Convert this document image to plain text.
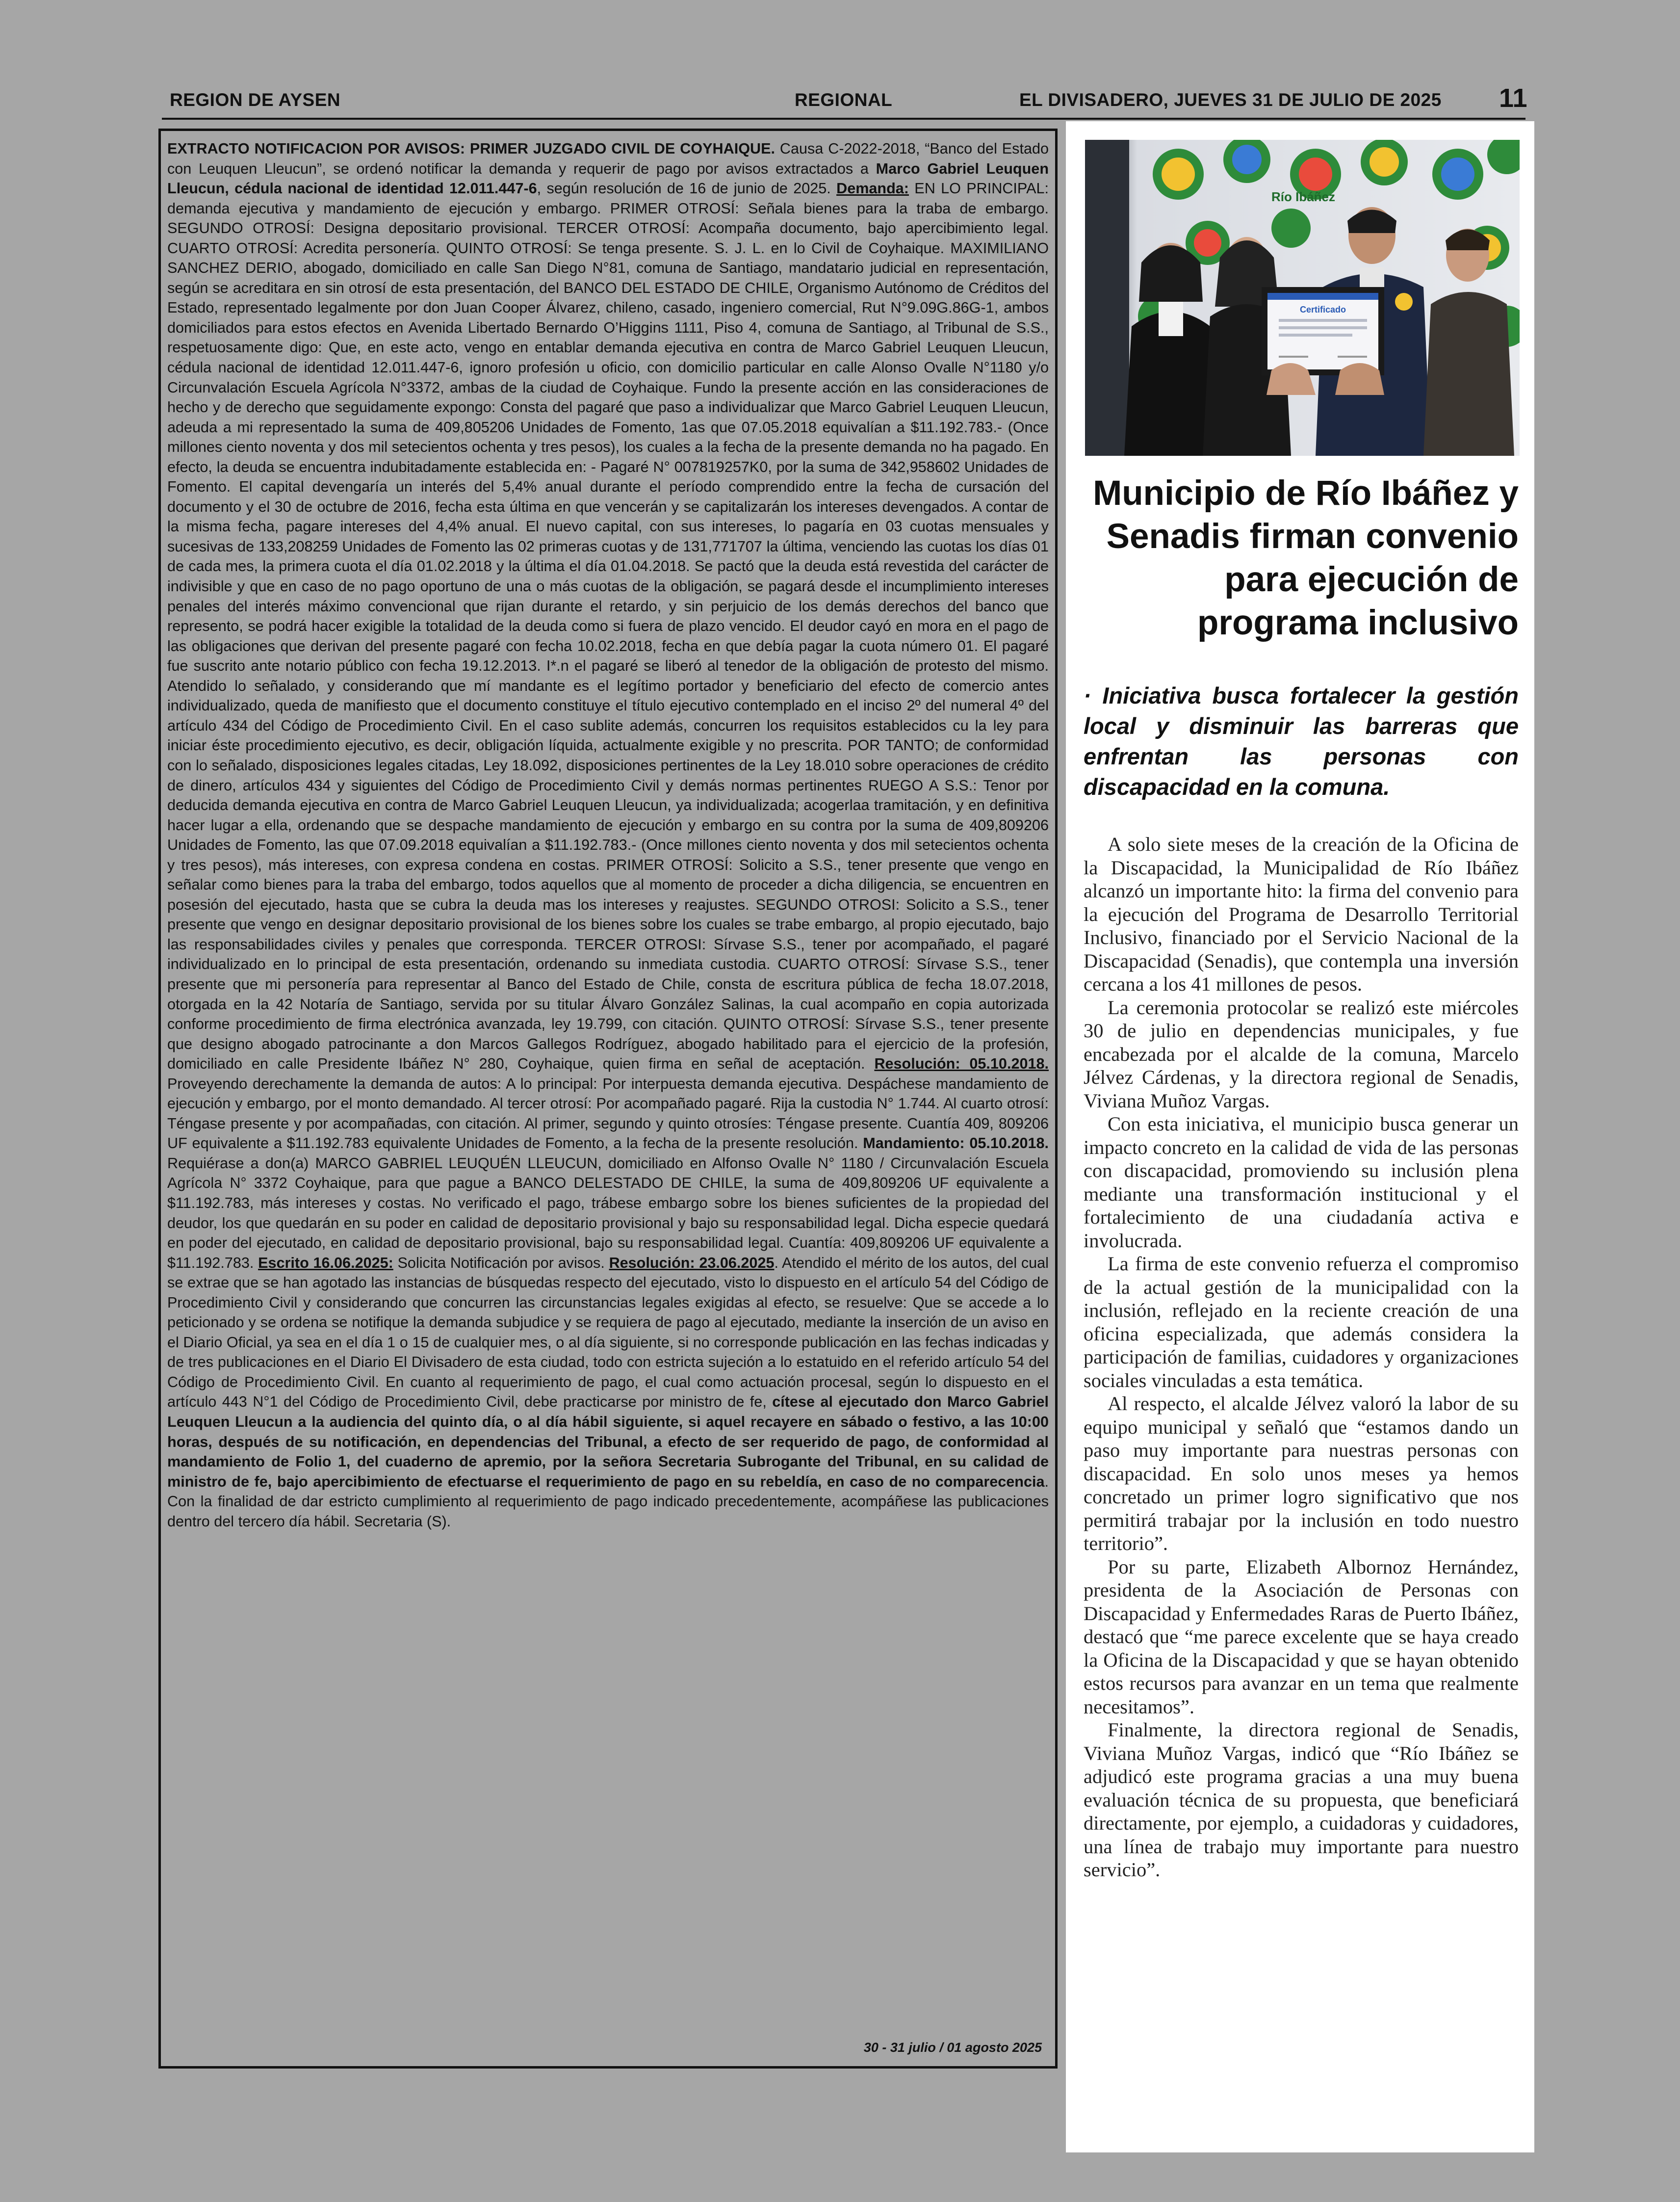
REGION DE AYSEN	REGIONAL	EL DIVISADERO, JUEVES 31 DE JULIO DE 2025 11

EXTRACTO NOTIFICACION POR AVISOS: PRIMER JUZGADO CIVIL DE COYHAIQUE. Causa C-2022-2018, “Banco del Estado con Leuquen Lleucun”, se ordenó notificar la demanda y requerir de pago por avisos extractados a Marco Gabriel Leuquen Lleucun, cédula nacional de identidad 12.011.447-6, según resolución de 16 de junio de 2025. Demanda: EN LO PRINCIPAL: demanda ejecutiva y mandamiento de ejecución y embargo. PRIMER OTROSÍ: Señala bienes para la traba de embargo. SEGUNDO OTROSÍ: Designa depositario provisional. TERCER OTROSÍ: Acompaña documento, bajo apercibimiento legal. CUARTO OTROSÍ: Acredita personería. QUINTO OTROSÍ: Se tenga presente. S. J. L. en lo Civil de Coyhaique. MAXIMILIANO SANCHEZ DERIO, abogado, domiciliado en calle San Diego N°81, comuna de Santiago, mandatario judicial en representación, según se acreditara en sin otrosí de esta presentación, del BANCO DEL ESTADO DE CHILE, Organismo Autónomo de Créditos del Estado, representado legalmente por don Juan Cooper Álvarez, chileno, casado, ingeniero comercial, Rut N°9.09G.86G-1, ambos domiciliados para estos efectos en Avenida Libertado Bernardo O’Higgins 1111, Piso 4, comuna de Santiago, al Tribunal de S.S., respetuosamente digo: Que, en este acto, vengo en entablar demanda ejecutiva en contra de Marco Gabriel Leuquen Lleucun, cédula nacional de identidad 12.011.447-6, ignoro profesión u oficio, con domicilio particular en calle Alonso Ovalle N°1180 y/o Circunvalación Escuela Agrícola N°3372, ambas de la ciudad de Coyhaique. Fundo la presente acción en las consideraciones de hecho y de derecho que seguidamente expongo: Consta del pagaré que paso a individualizar que Marco Gabriel Leuquen Lleucun, adeuda a mi representado la suma de 409,805206 Unidades de Fomento, 1as que 07.05.2018 equivalían a $11.192.783.- (Once millones ciento noventa y dos mil setecientos ochenta y tres pesos), los cuales a la fecha de la presente demanda no ha pagado. En efecto, la deuda se encuentra indubitadamente establecida en: - Pagaré N° 007819257K0, por la suma de 342,958602 Unidades de Fomento. El capital devengaría un interés del 5,4% anual durante el período comprendido entre la fecha de cursación del documento y el 30 de octubre de 2016, fecha esta última en que vencerán y se capitalizarán los intereses devengados. A contar de la misma fecha, pagare intereses del 4,4% anual. El nuevo capital, con sus intereses, lo pagaría en 03 cuotas mensuales y sucesivas de 133,208259 Unidades de Fomento las 02 primeras cuotas y de 131,771707 la última, venciendo las cuotas los días 01 de cada mes, la primera cuota el día 01.02.2018 y la última el día 01.04.2018. Se pactó que la deuda está revestida del carácter de indivisible y que en caso de no pago oportuno de una o más cuotas de la obligación, se pagará desde el incumplimiento intereses penales del interés máximo convencional que rijan durante el retardo, y sin perjuicio de los demás derechos del banco que represento, se podrá hacer exigible la totalidad de la deuda como si fuera de plazo vencido. El deudor cayó en mora en el pago de las obligaciones que derivan del presente pagaré con fecha 10.02.2018, fecha en que debía pagar la cuota número 01. El pagaré fue suscrito ante notario público con fecha 19.12.2013. I*.n el pagaré se liberó al tenedor de la obligación de protesto del mismo. Atendido lo señalado, y considerando que mí mandante es el legítimo portador y beneficiario del efecto de comercio antes individualizado, queda de manifiesto que el documento constituye el título ejecutivo contemplado en el inciso 2º del numeral 4º del artículo 434 del Código de Procedimiento Civil. En el caso sublite además, concurren los requisitos establecidos cu la ley para iniciar éste procedimiento ejecutivo, es decir, obligación líquida, actualmente exigible y no prescrita. POR TANTO; de conformidad con lo señalado, disposiciones legales citadas, Ley 18.092, disposiciones pertinentes de la Ley 18.010 sobre operaciones de crédito de dinero, artículos 434 y siguientes del Código de Procedimiento Civil y demás normas pertinentes RUEGO A S.S.: Tenor por deducida demanda ejecutiva en contra de Marco Gabriel Leuquen Lleucun, ya individualizada; acogerlaa tramitación, y en definitiva hacer lugar a ella, ordenando que se despache mandamiento de ejecución y embargo en su contra por la suma de 409,809206 Unidades de Fomento, las que 07.09.2018 equivalían a $11.192.783.- (Once millones ciento noventa y dos mil setecientos ochenta y tres pesos), más intereses, con expresa condena en costas. PRIMER OTROSÍ: Solicito a S.S., tener presente que vengo en señalar como bienes para la traba del embargo, todos aquellos que al momento de proceder a dicha diligencia, se encuentren en posesión del ejecutado, hasta que se cubra la deuda mas los intereses y reajustes. SEGUNDO OTROSI: Solicito a S.S., tener presente que vengo en designar depositario provisional de los bienes sobre los cuales se trabe embargo, al propio ejecutado, bajo las responsabilidades civiles y penales que corresponda. TERCER OTROSI: Sírvase S.S., tener por acompañado, el pagaré individualizado en lo principal de esta presentación, ordenando su inmediata custodia. CUARTO OTROSÍ: Sírvase S.S., tener presente que mi personería para representar al Banco del Estado de Chile, consta de escritura pública de fecha 18.07.2018, otorgada en la 42 Notaría de Santiago, servida por su titular Álvaro González Salinas, la cual acompaño en copia autorizada conforme procedimiento de firma electrónica avanzada, ley 19.799, con citación. QUINTO OTROSÍ: Sírvase S.S., tener presente que designo abogado patrocinante a don Marcos Gallegos Rodríguez, abogado habilitado para el ejercicio de la profesión, domiciliado en calle Presidente Ibáñez N° 280, Coyhaique, quien firma en señal de aceptación. Resolución: 05.10.2018. Proveyendo derechamente la demanda de autos: A lo principal: Por interpuesta demanda ejecutiva. Despáchese mandamiento de ejecución y embargo, por el monto demandado. Al tercer otrosí: Por acompañado pagaré. Rija la custodia N° 1.744. Al cuarto otrosí: Téngase presente y por acompañadas, con citación. Al primer, segundo y quinto otrosíes: Téngase presente. Cuantía 409, 809206 UF equivalente a $11.192.783 equivalente Unidades de Fomento, a la fecha de la presente resolución. Mandamiento: 05.10.2018. Requiérase a don(a) MARCO GABRIEL LEUQUÉN LLEUCUN, domiciliado en Alfonso Ovalle N° 1180 / Circunvalación Escuela Agrícola N° 3372 Coyhaique, para que pague a BANCO DELESTADO DE CHILE, la suma de 409,809206 UF equivalente a $11.192.783, más intereses y costas. No verificado el pago, trábese embargo sobre los bienes suficientes de la propiedad del deudor, los que quedarán en su poder en calidad de depositario provisional y bajo su responsabilidad legal. Dicha especie quedará en poder del ejecutado, en calidad de depositario provisional, bajo su responsabilidad legal. Cuantía: 409,809206 UF equivalente a $11.192.783. Escrito 16.06.2025: Solicita Notificación por avisos. Resolución: 23.06.2025. Atendido el mérito de los autos, del cual se extrae que se han agotado las instancias de búsquedas respecto del ejecutado, visto lo dispuesto en el artículo 54 del Código de Procedimiento Civil y considerando que concurren las circunstancias legales exigidas al efecto, se resuelve: Que se accede a lo peticionado y se ordena se notifique la demanda subjudice y se requiera de pago al ejecutado, mediante la inserción de un aviso en el Diario Oficial, ya sea en el día 1 o 15 de cualquier mes, o al día siguiente, si no corresponde publicación en las fechas indicadas y de tres publicaciones en el Diario El Divisadero de esta ciudad, todo con estricta sujeción a lo estatuido en el referido artículo 54 del Código de Procedimiento Civil. En cuanto al requerimiento de pago, el cual como actuación procesal, según lo dispuesto en el artículo 443 N°1 del Código de Procedimiento Civil, debe practicarse por ministro de fe, cítese al ejecutado don Marco Gabriel Leuquen Lleucun a la audiencia del quinto día, o al día hábil siguiente, si aquel recayere en sábado o festivo, a las 10:00 horas, después de su notificación, en dependencias del Tribunal, a efecto de ser requerido de pago, de conformidad al mandamiento de Folio 1, del cuaderno de apremio, por la señora Secretaria Subrogante del Tribunal, en su calidad de ministro de fe, bajo apercibimiento de efectuarse el requerimiento de pago en su rebeldía, en caso de no comparecencia. Con la finalidad de dar estricto cumplimiento al requerimiento de pago indicado precedentemente, acompáñese las publicaciones dentro del tercero día hábil. Secretaria (S).

30 - 31 julio / 01 agosto 2025
Río Ibáñez
Certificado
Municipio de Río Ibáñez y Senadis firman convenio para ejecución de programa inclusivo

· Iniciativa busca fortalecer la gestión local y disminuir las barreras que enfrentan las personas con discapacidad en la comuna.

A solo siete meses de la creación de la Oficina de la Discapacidad, la Municipalidad de Río Ibáñez alcanzó un importante hito: la firma del convenio para la ejecución del Programa de Desarrollo Territorial Inclusivo, financiado por el Servicio Nacional de la Discapacidad (Senadis), que contempla una inversión cercana a los 41 millones de pesos.

La ceremonia protocolar se realizó este miércoles 30 de julio en dependencias municipales, y fue encabezada por el alcalde de la comuna, Marcelo Jélvez Cárdenas, y la directora regional de Senadis, Viviana Muñoz Vargas.

Con esta iniciativa, el municipio busca generar un impacto concreto en la calidad de vida de las personas con discapacidad, promoviendo su inclusión plena mediante una transformación institucional y el fortalecimiento de una ciudadanía activa e involucrada.

La firma de este convenio refuerza el compromiso de la actual gestión de la municipalidad con la inclusión, reflejado en la reciente creación de una oficina especializada, que además considera la participación de familias, cuidadores y organizaciones sociales vinculadas a esta temática.

Al respecto, el alcalde Jélvez valoró la labor de su equipo municipal y señaló que “estamos dando un paso muy importante para nuestras personas con discapacidad. En solo unos meses ya hemos concretado un primer logro significativo que nos permitirá trabajar por la inclusión en todo nuestro territorio”.

Por su parte, Elizabeth Albornoz Hernández, presidenta de la Asociación de Personas con Discapacidad y Enfermedades Raras de Puerto Ibáñez, destacó que “me parece excelente que se haya creado la Oficina de la Discapacidad y que se hayan obtenido estos recursos para avanzar en un tema que realmente necesitamos”.

Finalmente, la directora regional de Senadis, Viviana Muñoz Vargas, indicó que “Río Ibáñez se adjudicó este programa gracias a una muy buena evaluación técnica de su propuesta, que beneficiará directamente, por ejemplo, a cuidadoras y cuidadores, una línea de trabajo muy importante para nuestro servicio”.
